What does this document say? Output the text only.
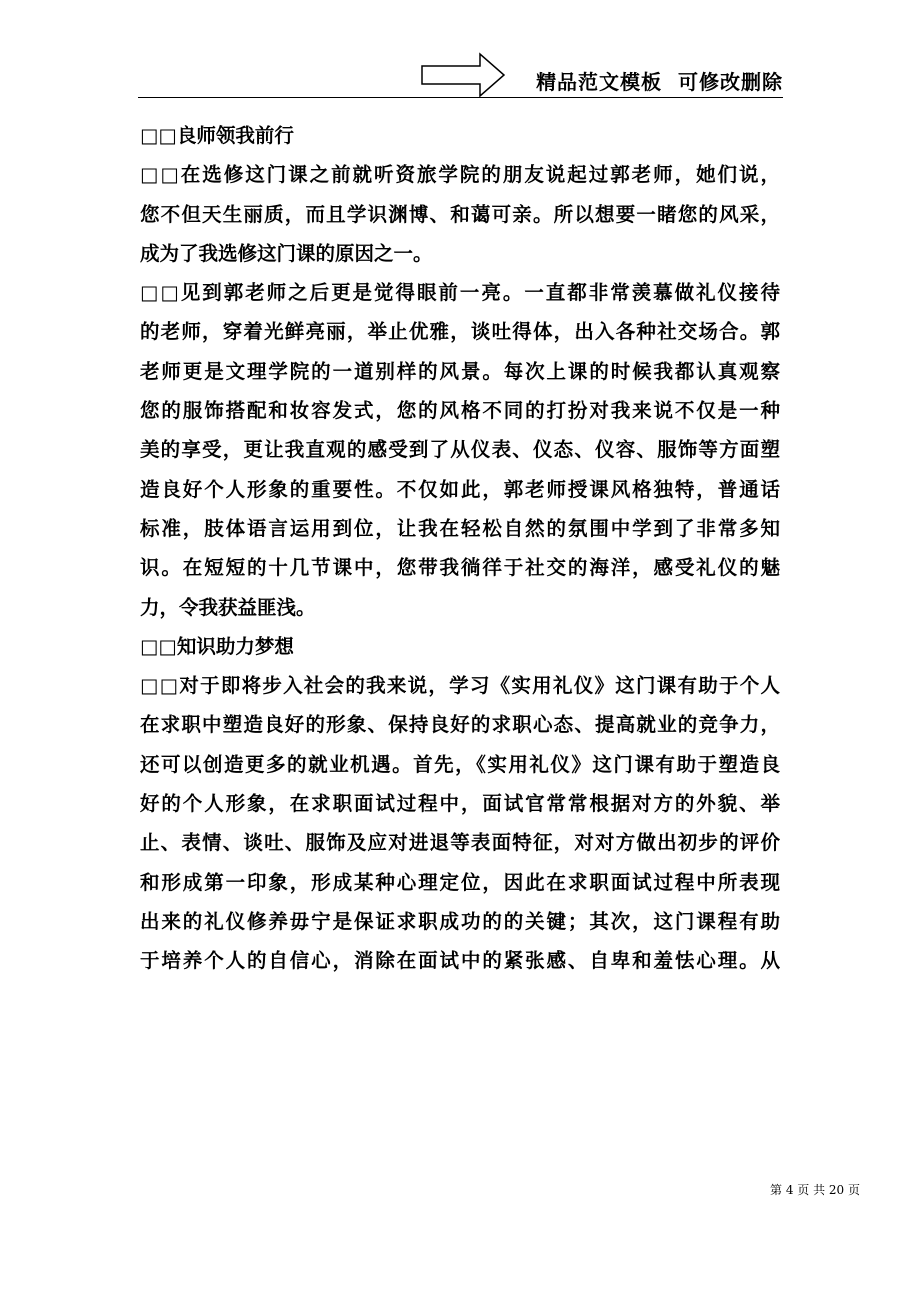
精品范文模板  可修改删除
□□良师领我前行
□□在选修这门课之前就听资旅学院的朋友说起过郭老师，她们说，
您不但天生丽质，而且学识渊博、和蔼可亲。所以想要一睹您的风采，
成为了我选修这门课的原因之一。
□□见到郭老师之后更是觉得眼前一亮。一直都非常羡慕做礼仪接待
的老师，穿着光鲜亮丽，举止优雅，谈吐得体，出入各种社交场合。郭
老师更是文理学院的一道别样的风景。每次上课的时候我都认真观察
您的服饰搭配和妆容发式，您的风格不同的打扮对我来说不仅是一种
美的享受，更让我直观的感受到了从仪表、仪态、仪容、服饰等方面塑
造良好个人形象的重要性。不仅如此，郭老师授课风格独特，普通话
标准，肢体语言运用到位，让我在轻松自然的氛围中学到了非常多知
识。在短短的十几节课中，您带我徜徉于社交的海洋，感受礼仪的魅
力，令我获益匪浅。
□□知识助力梦想
□□对于即将步入社会的我来说，学习《实用礼仪》这门课有助于个人
在求职中塑造良好的形象、保持良好的求职心态、提高就业的竞争力，
还可以创造更多的就业机遇。首先，《实用礼仪》这门课有助于塑造良
好的个人形象，在求职面试过程中，面试官常常根据对方的外貌、举
止、表情、谈吐、服饰及应对进退等表面特征，对对方做出初步的评价
和形成第一印象，形成某种心理定位，因此在求职面试过程中所表现
出来的礼仪修养毋宁是保证求职成功的的关键；其次，这门课程有助
于培养个人的自信心，消除在面试中的紧张感、自卑和羞怯心理。从
第 4 页 共 20 页
